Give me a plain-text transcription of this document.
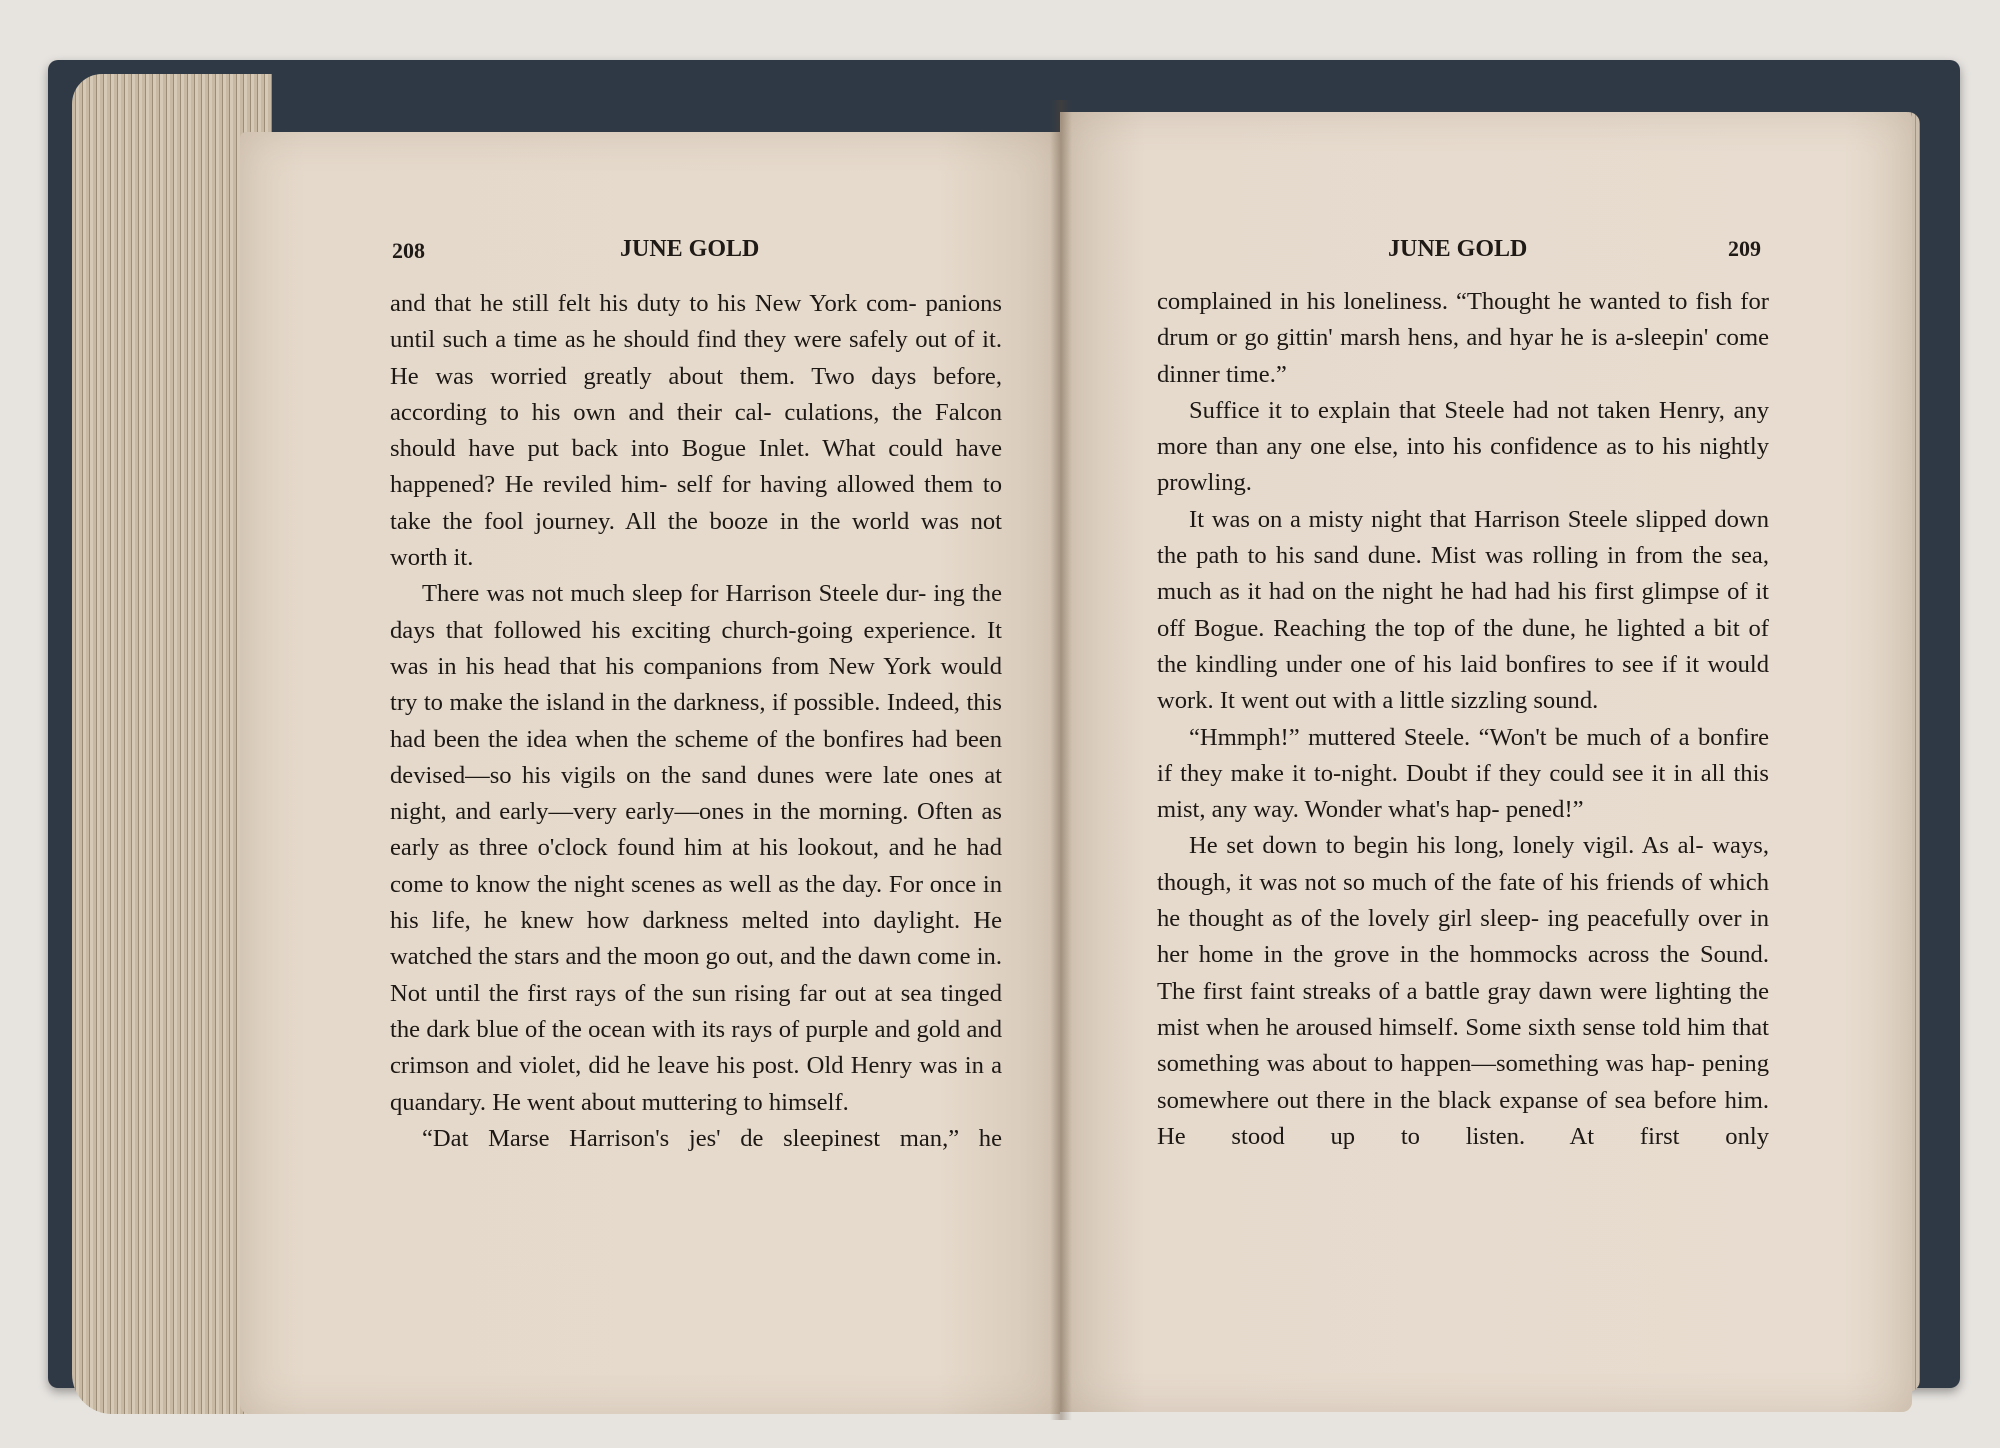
208	JUNE GOLD

and that he still felt his duty to his New York com- panions until such a time as he should find they were safely out of it. He was worried greatly about them. Two days before, according to his own and their cal- culations, the Falcon should have put back into Bogue Inlet. What could have happened? He reviled him- self for having allowed them to take the fool journey. All the booze in the world was not worth it.

There was not much sleep for Harrison Steele dur- ing the days that followed his exciting church-going experience. It was in his head that his companions from New York would try to make the island in the darkness, if possible. Indeed, this had been the idea when the scheme of the bonfires had been devised—so his vigils on the sand dunes were late ones at night, and early—very early—ones in the morning. Often as early as three o'clock found him at his lookout, and he had come to know the night scenes as well as the day. For once in his life, he knew how darkness melted into daylight. He watched the stars and the moon go out, and the dawn come in. Not until the first rays of the sun rising far out at sea tinged the dark blue of the ocean with its rays of purple and gold and crimson and violet, did he leave his post. Old Henry was in a quandary. He went about muttering to himself.

“Dat Marse Harrison's jes' de sleepinest man,” he

JUNE GOLD	209

complained in his loneliness. “Thought he wanted to fish for drum or go gittin' marsh hens, and hyar he is a-sleepin' come dinner time.”

Suffice it to explain that Steele had not taken Henry, any more than any one else, into his confidence as to his nightly prowling.

It was on a misty night that Harrison Steele slipped down the path to his sand dune. Mist was rolling in from the sea, much as it had on the night he had had his first glimpse of it off Bogue. Reaching the top of the dune, he lighted a bit of the kindling under one of his laid bonfires to see if it would work. It went out with a little sizzling sound.

“Hmmph!” muttered Steele. “Won't be much of a bonfire if they make it to-night. Doubt if they could see it in all this mist, any way. Wonder what's hap- pened!”

He set down to begin his long, lonely vigil. As al- ways, though, it was not so much of the fate of his friends of which he thought as of the lovely girl sleep- ing peacefully over in her home in the grove in the hommocks across the Sound. The first faint streaks of a battle gray dawn were lighting the mist when he aroused himself. Some sixth sense told him that something was about to happen—something was hap- pening somewhere out there in the black expanse of sea before him. He stood up to listen. At first only
